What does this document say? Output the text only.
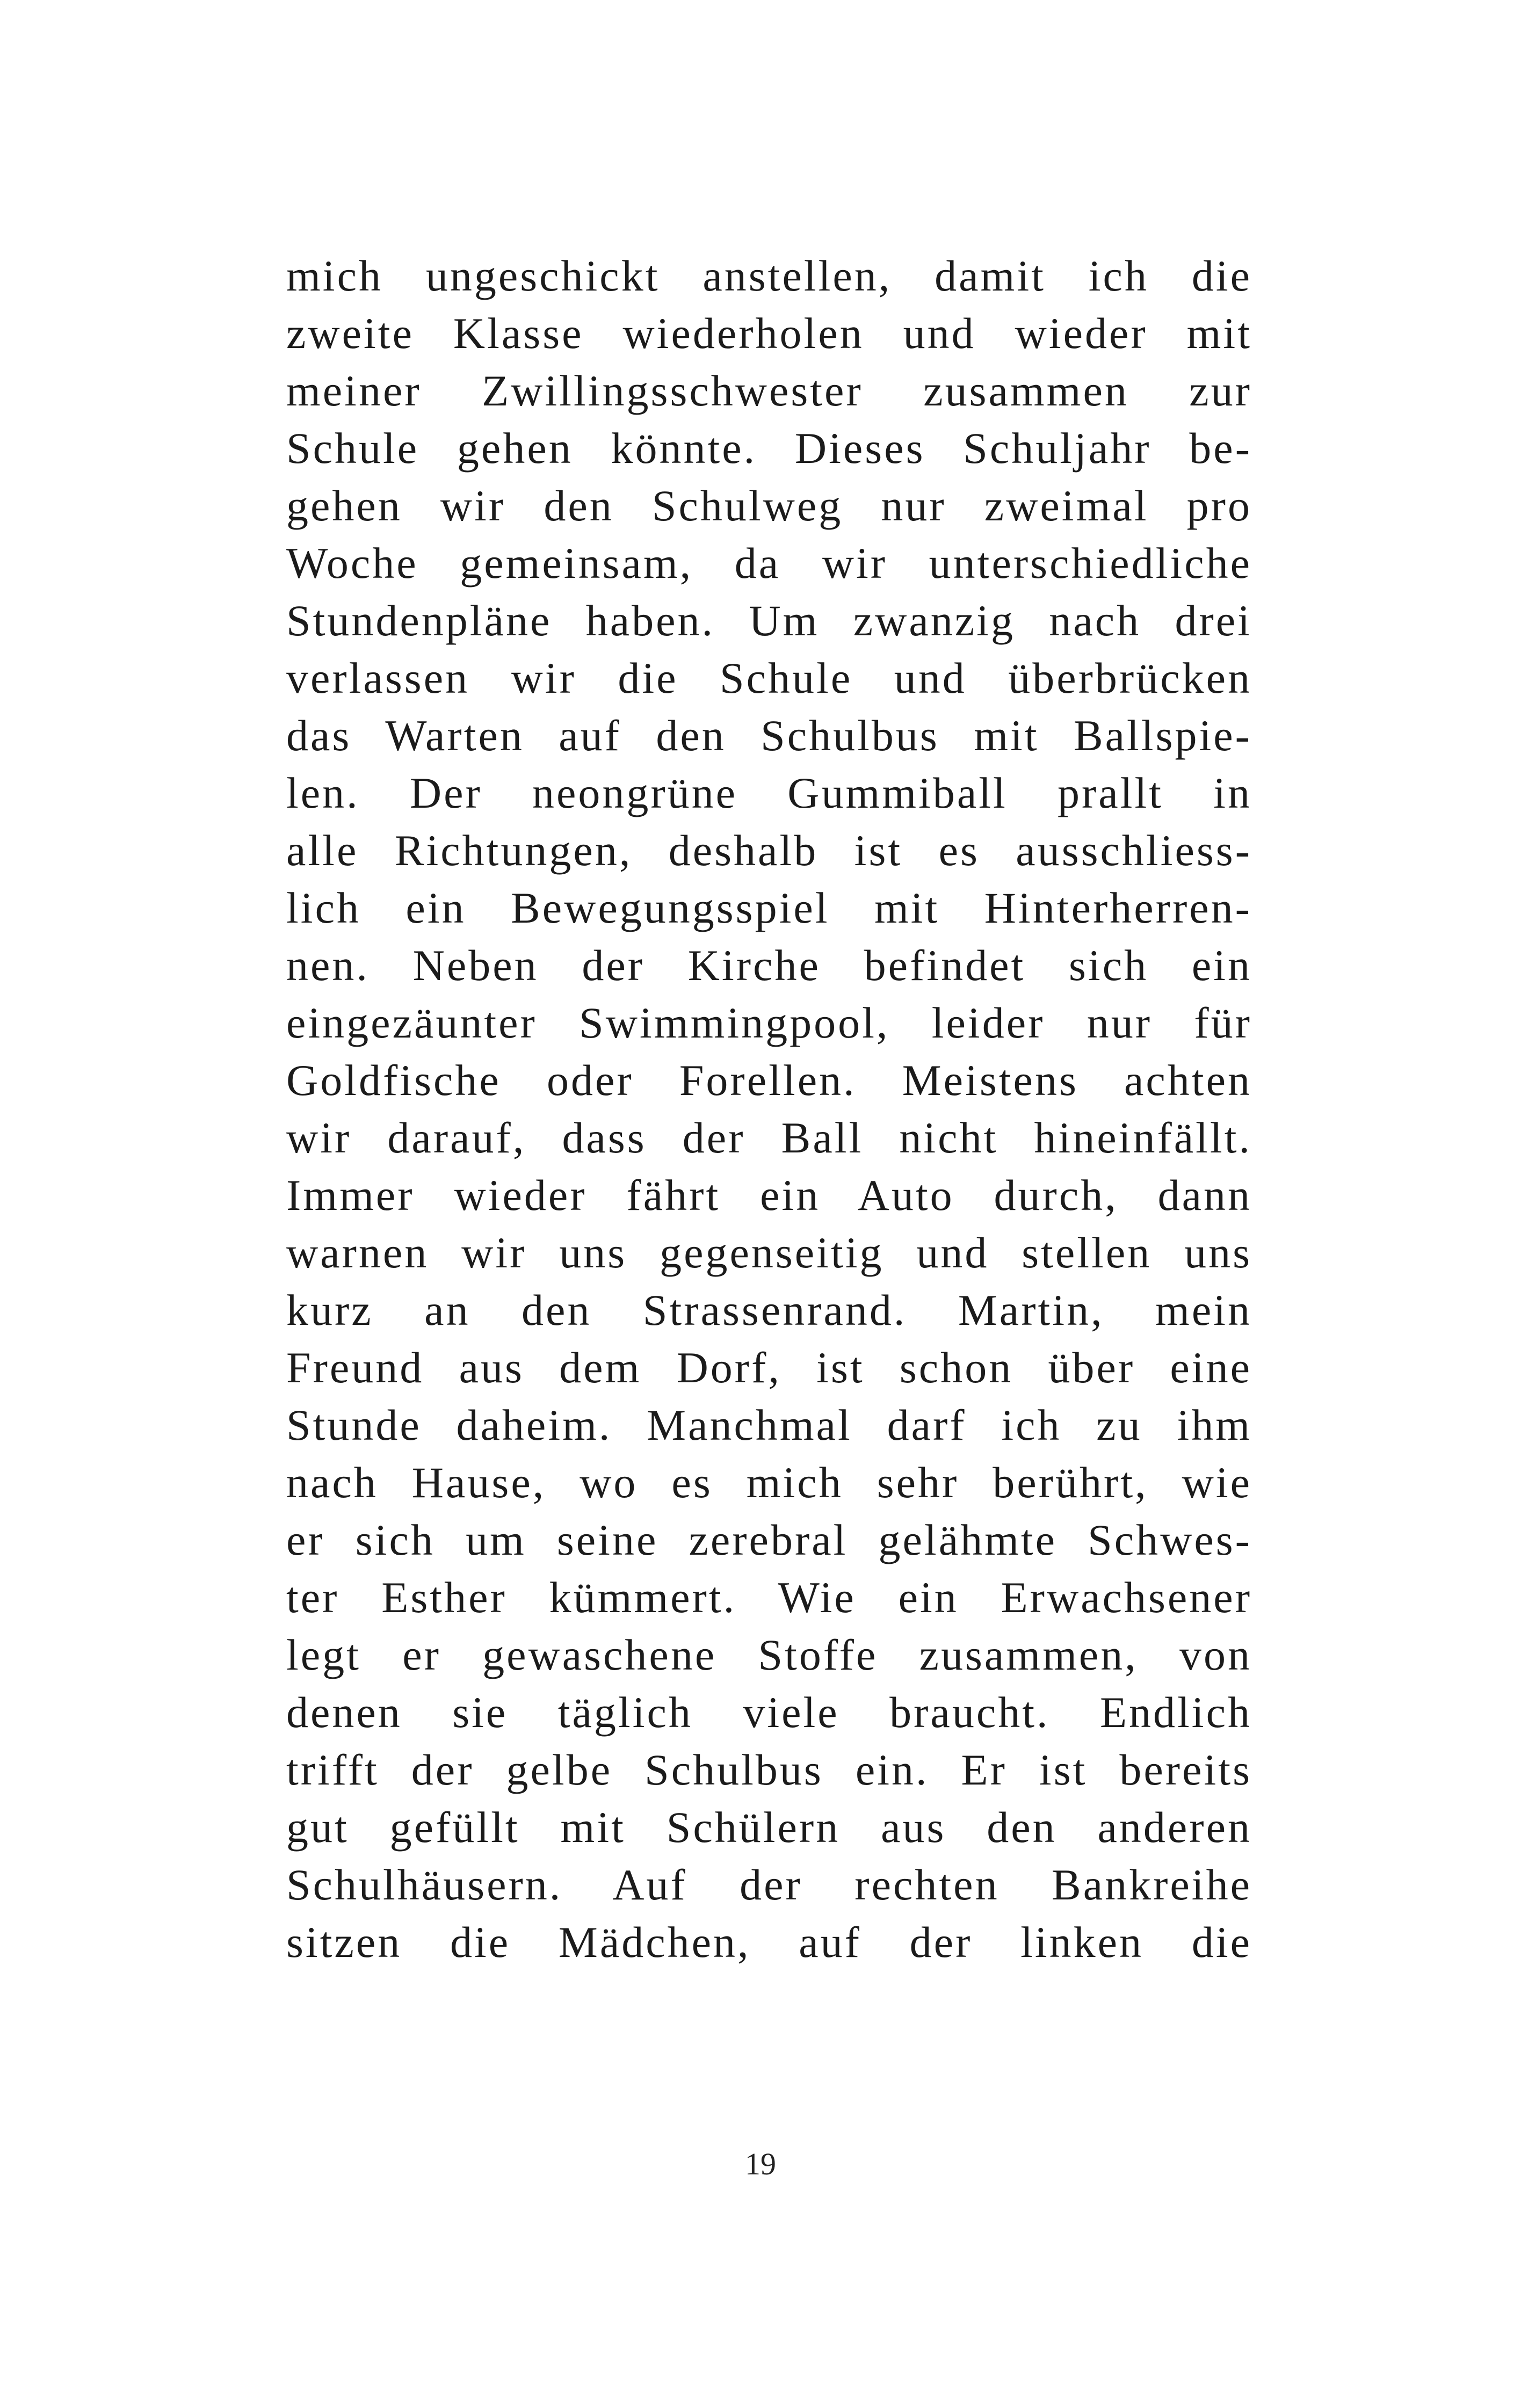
mich ungeschickt anstellen, damit ich die
zweite Klasse wiederholen und wieder mit
meiner Zwillingsschwester zusammen zur
Schule gehen könnte. Dieses Schuljahr be-
gehen wir den Schulweg nur zweimal pro
Woche gemeinsam, da wir unterschiedliche
Stundenpläne haben. Um zwanzig nach drei
verlassen wir die Schule und überbrücken
das Warten auf den Schulbus mit Ballspie-
len. Der neongrüne Gummiball prallt in
alle Richtungen, deshalb ist es ausschliess-
lich ein Bewegungsspiel mit Hinterherren-
nen. Neben der Kirche befindet sich ein
eingezäunter Swimmingpool, leider nur für
Goldfische oder Forellen. Meistens achten
wir darauf, dass der Ball nicht hineinfällt.
Immer wieder fährt ein Auto durch, dann
warnen wir uns gegenseitig und stellen uns
kurz an den Strassenrand. Martin, mein
Freund aus dem Dorf, ist schon über eine
Stunde daheim. Manchmal darf ich zu ihm
nach Hause, wo es mich sehr berührt, wie
er sich um seine zerebral gelähmte Schwes-
ter Esther kümmert. Wie ein Erwachsener
legt er gewaschene Stoffe zusammen, von
denen sie täglich viele braucht. Endlich
trifft der gelbe Schulbus ein. Er ist bereits
gut gefüllt mit Schülern aus den anderen
Schulhäusern. Auf der rechten Bankreihe
sitzen die Mädchen, auf der linken die
19
